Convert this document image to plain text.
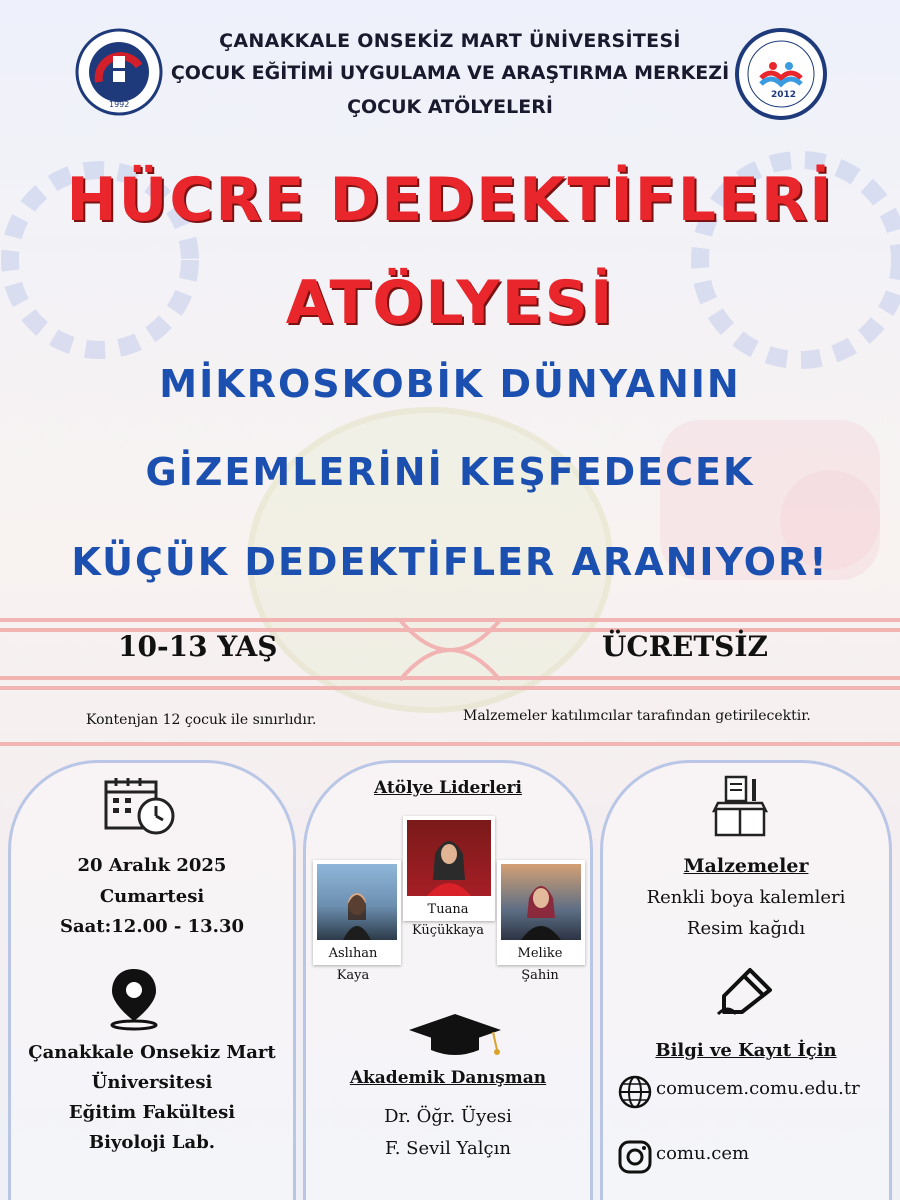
1992
2012
ÇANAKKALE ONSEKİZ MART ÜNİVERSİTESİ
ÇOCUK EĞİTİMİ UYGULAMA VE ARAŞTIRMA MERKEZİ
ÇOCUK ATÖLYELERİ
HÜCRE DEDEKTİFLERİ
ATÖLYESİ
MİKROSKOBİK DÜNYANIN
GİZEMLERİNİ KEŞFEDECEK
KÜÇÜK DEDEKTİFLER ARANIYOR!
10-13 YAŞ	ÜCRETSİZ
Kontenjan 12 çocuk ile sınırlıdır.	Malzemeler katılımcılar tarafından getirilecektir.
20 Aralık 2025
Cumartesi
Saat:12.00 - 13.30
Çanakkale Onsekiz Mart
Üniversitesi
Eğitim Fakültesi
Biyoloji Lab.
Atölye Liderleri
Aslıhan
Kaya
Tuana
Küçükkaya
Melike
Şahin
Akademik Danışman
Dr. Öğr. Üyesi
F. Sevil Yalçın
Malzemeler
Renkli boya kalemleri
Resim kağıdı
Bilgi ve Kayıt İçin
comucem.comu.edu.tr
comu.cem
